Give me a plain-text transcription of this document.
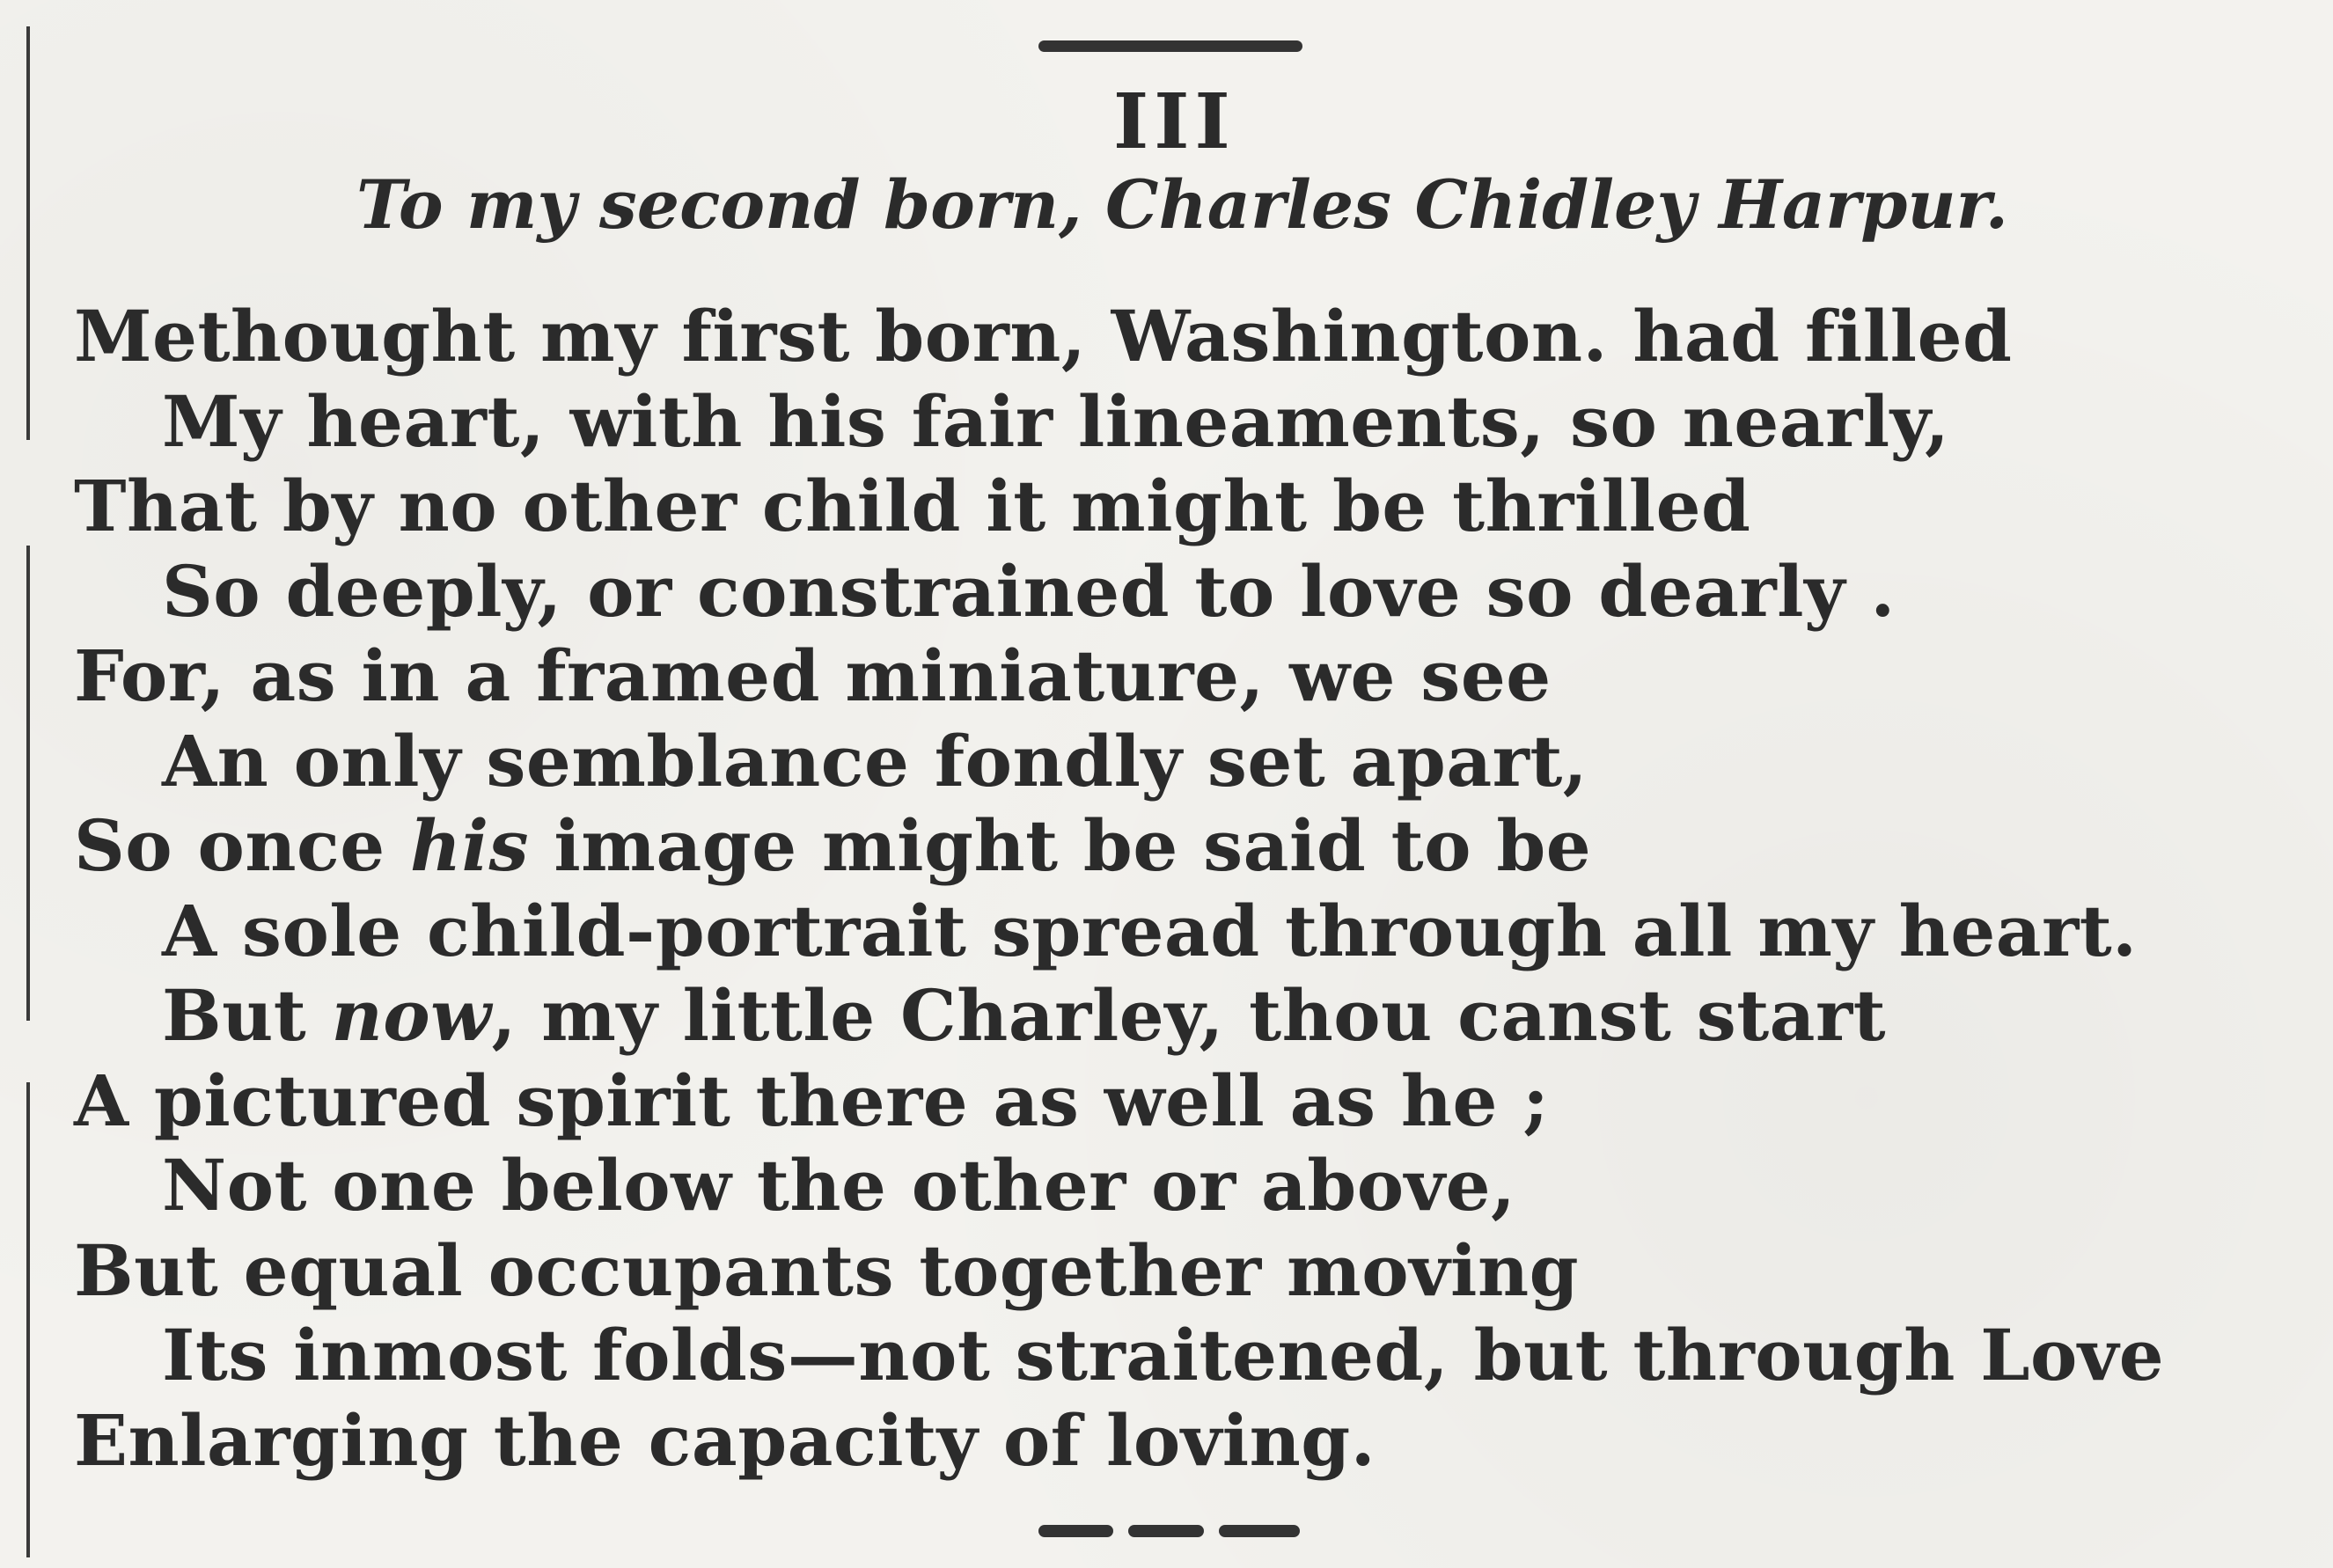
III
To my second born, Charles Chidley Harpur.
Methought my first born, Washington. had filled
My heart, with his fair lineaments, so nearly,
That by no other child it might be thrilled
So deeply, or constrained to love so dearly .
For, as in a framed miniature, we see
An only semblance fondly set apart,
So once his image might be said to be
A sole child-portrait spread through all my heart.
But now, my little Charley, thou canst start
A pictured spirit there as well as he ;
Not one below the other or above,
But equal occupants together moving
Its inmost folds—not straitened, but through Love
Enlarging the capacity of loving.
